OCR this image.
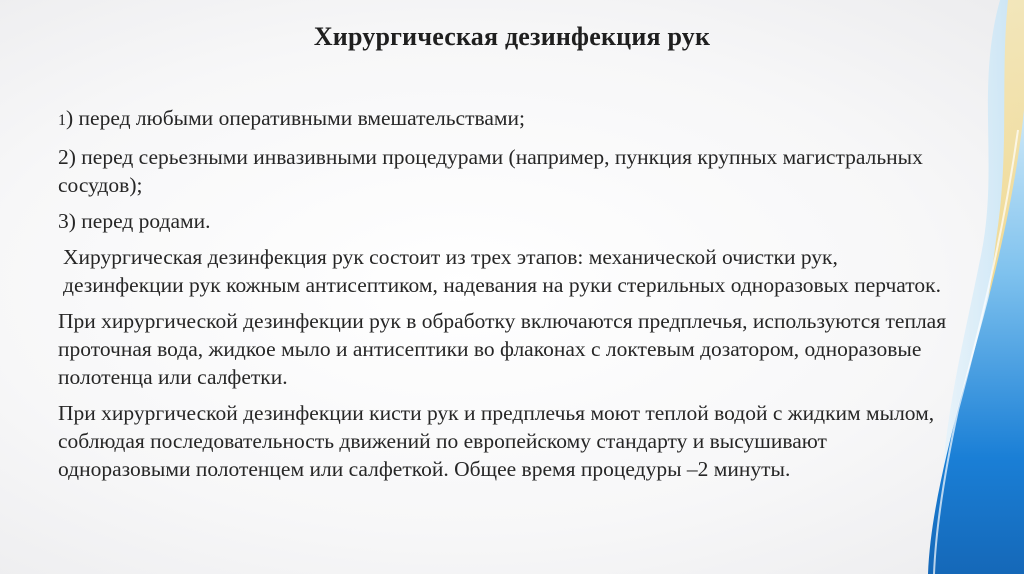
Хирургическая дезинфекция рук

1) перед любыми оперативными вмешательствами;

2) перед серьезными инвазивными процедурами (например, пункция крупных магистральных сосудов);

3) перед родами.

Хирургическая дезинфекция рук состоит из трех этапов: механической очистки рук, дезинфекции рук кожным антисептиком, надевания на руки стерильных одноразовых перчаток.

При хирургической дезинфекции рук в обработку включаются предплечья, используются теплая проточная вода, жидкое мыло и антисептики во флаконах с локтевым дозатором, одноразовые полотенца или салфетки.

При хирургической дезинфекции кисти рук и предплечья моют теплой водой с жидким мылом, соблюдая последовательность движений по европейскому стандарту и высушивают одноразовыми полотенцем или салфеткой. Общее время процедуры –2 минуты.
